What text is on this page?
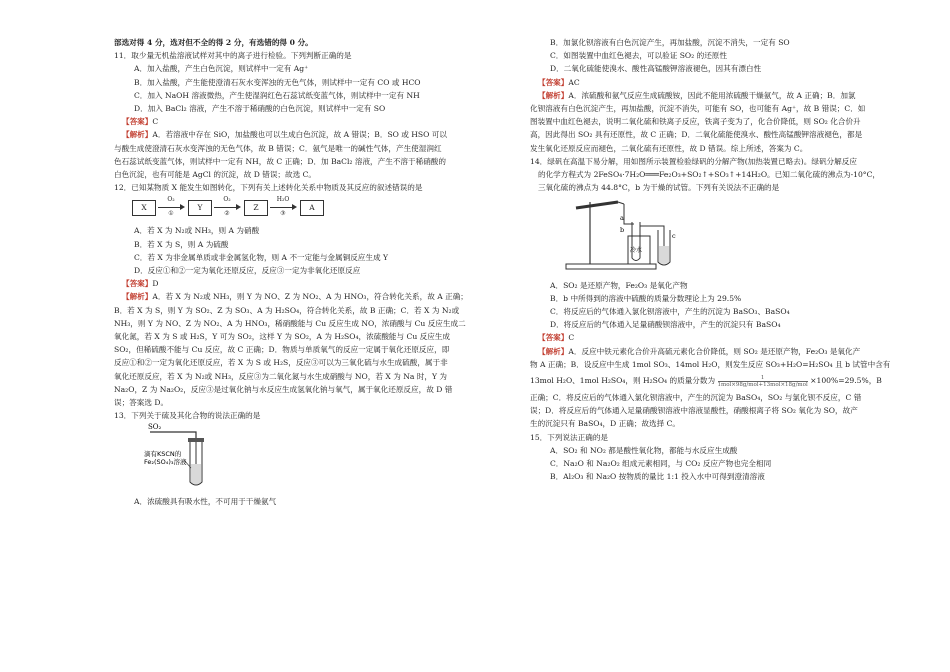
部选对得 4 分，选对但不全的得 2 分，有选错的得 0 分。
11．取少量无机盐溶液试样对其中的离子进行检验。下列判断正确的是
A．加入盐酸，产生白色沉淀，则试样中一定有 Ag⁺
B．加入盐酸，产生能使澄清石灰水变浑浊的无色气体，则试样中一定有 CO 或 HCO
C．加入 NaOH 溶液微热，产生使湿润红色石蕊试纸变蓝气体，则试样中一定有 NH
D．加入 BaCl₂ 溶液，产生不溶于稀硝酸的白色沉淀，则试样中一定有 SO
【答案】C
【解析】A．若溶液中存在 SiO，加盐酸也可以生成白色沉淀，故 A 错误；B．SO 或 HSO 可以
与酸生成使澄清石灰水变浑浊的无色气体，故 B 错误；C．氨气是唯一的碱性气体，产生使湿润红
色石蕊试纸变蓝气体，则试样中一定有 NH，故 C 正确；D．加 BaCl₂ 溶液，产生不溶于稀硝酸的
白色沉淀，也有可能是 AgCl 的沉淀，故 D 错误；故选 C。
12．已知某物质 X 能发生如图转化，下列有关上述转化关系中物质及其反应的叙述错误的是
X
O₂
①
Y
O₂
②
Z
H₂O
③
A
A．若 X 为 N₂或 NH₃，则 A 为硝酸
B．若 X 为 S，则 A 为硫酸
C．若 X 为非金属单质或非金属氢化物，则 A 不一定能与金属铜反应生成 Y
D．反应①和②一定为氧化还原反应，反应③一定为非氧化还原反应
【答案】D
【解析】A．若 X 为 N₂或 NH₃，则 Y 为 NO、Z 为 NO₂、A 为 HNO₃，符合转化关系，故 A 正确；
B．若 X 为 S，则 Y 为 SO₂、Z 为 SO₃、A 为 H₂SO₄，符合转化关系，故 B 正确；C．若 X 为 N₂或
NH₃，则 Y 为 NO、Z 为 NO₂、A 为 HNO₃，稀硝酸能与 Cu 反应生成 NO，浓硝酸与 Cu 反应生成二
氧化氮，若 X 为 S 或 H₂S，Y 可为 SO₂，这样 Y 为 SO₂，A 为 H₂SO₄，浓硫酸能与 Cu 反应生成
SO₂，但稀硫酸不能与 Cu 反应，故 C 正确；D．物质与单质氧气的反应一定属于氧化还原反应，即
反应①和②一定为氧化还原反应，若 X 为 S 或 H₂S，反应③可以为三氧化硫与水生成硫酸，属于非
氧化还原反应，若 X 为 N₂或 NH₃，反应③为二氧化氮与水生成硝酸与 NO，若 X 为 Na 时，Y 为
Na₂O，Z 为 Na₂O₂，反应③是过氧化钠与水反应生成氢氧化钠与氧气，属于氧化还原反应，故 D 错
误；答案选 D。
13．下列关于硫及其化合物的说法正确的是
SO₂
滴有KSCN的
Fe₂(SO₄)₃溶液
A．浓硫酸具有吸水性，不可用于干燥氨气
B．加氯化钡溶液有白色沉淀产生，再加盐酸，沉淀不消失，一定有 SO
C．如图装置中血红色褪去，可以验证 SO₂ 的还原性
D．二氧化硫能使溴水、酸性高锰酸钾溶液褪色，因其有漂白性
【答案】AC
【解析】A．浓硫酸和氨气反应生成硫酸铵，因此不能用浓硫酸干燥氨气，故 A 正确；B．加氯
化钡溶液有白色沉淀产生，再加盐酸，沉淀不消失，可能有 SO，也可能有 Ag⁺，故 B 错误；C．如
图装置中血红色褪去，说明二氧化硫和铁离子反应，铁离子变为了，化合价降低，则 SO₂ 化合价升
高，因此得出 SO₂ 具有还原性，故 C 正确；D．二氧化硫能使溴水、酸性高锰酸钾溶液褪色，都是
发生氧化还原反应而褪色，二氧化硫有还原性，故 D 错误。综上所述，答案为 C。
14．绿矾在高温下易分解，用如图所示装置检验绿矾的分解产物(加热装置已略去)。绿矾分解反应
的化学方程式为 2FeSO₄·7H₂O═══Fe₂O₃+SO₂↑+SO₃↑+14H₂O。已知二氧化硫的沸点为-10°C，
三氧化硫的沸点为 44.8°C，b 为干燥的试管。下列有关说法不正确的是
a
b
c
冷水
A．SO₂ 是还原产物，Fe₂O₃ 是氧化产物
B．b 中所得到的溶液中硫酸的质量分数理论上为 29.5%
C．将反应后的气体通入氯化钡溶液中，产生的沉淀为 BaSO₃、BaSO₄
D．将反应后的气体通入足量硝酸钡溶液中，产生的沉淀只有 BaSO₄
【答案】C
【解析】A．反应中铁元素化合价升高硫元素化合价降低，则 SO₂ 是还原产物，Fe₂O₃ 是氧化产
物 A 正确；B．设反应中生成 1mol SO₃、14mol H₂O，则发生反应 SO₃+H₂O=H₂SO₄ 且 b 试管中含有
13mol H₂O、1mol H₂SO₄，则 H₂SO₄ 的质量分数为 $\frac{1}{\text{1mol×98g/mol+13mol×18g/mol}} \times 100\%=29.5\%$，B
正确；C．将反应后的气体通入氯化钡溶液中，产生的沉淀为 BaSO₄，SO₂ 与氯化钡不反应，C 错
误；D．将反应后的气体通入足量硝酸钡溶液中溶液显酸性，硝酸根离子将 SO₂ 氧化为 SO，故产
生的沉淀只有 BaSO₄，D 正确；故选择 C。
15．下列说法正确的是
A．SO₂ 和 NO₂ 都是酸性氧化物，都能与水反应生成酸
C．Na₂O 和 Na₂O₂ 组成元素相同，与 CO₂ 反应产物也完全相同
B．Al₂O₃ 和 Na₂O 按物质的量比 1:1 投入水中可得到澄清溶液
